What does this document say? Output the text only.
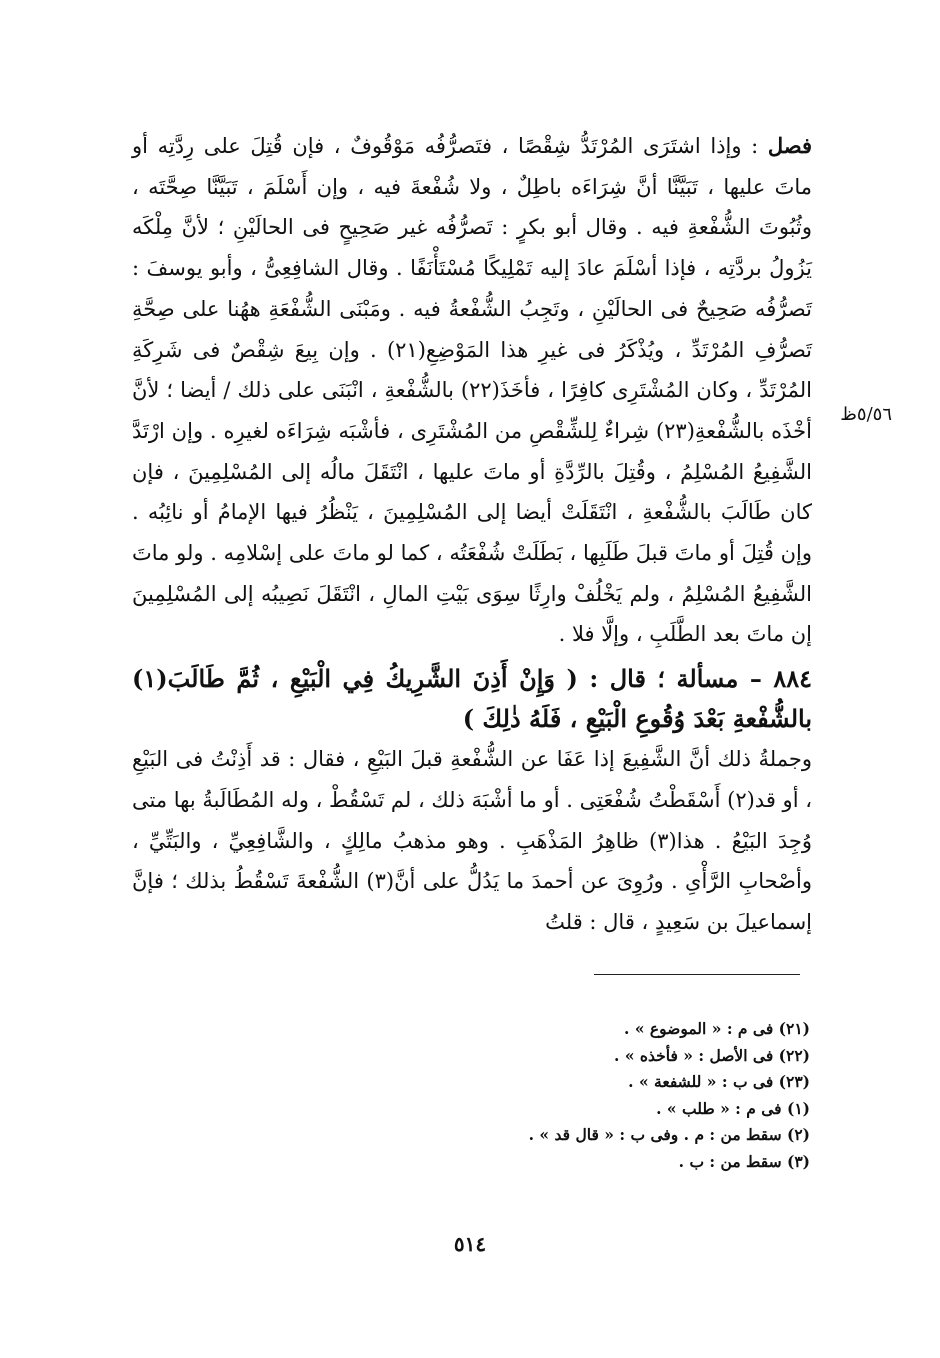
فصل : وإذا اشتَرَى المُرْتَدُّ شِقْصًا ، فتَصرُّفُه مَوْقُوفٌ ، فإن قُتِلَ على رِدَّتِه أو ماتَ عليها ، تَبَيَّنَّا أنَّ شِرَاءَه باطِلٌ ، ولا شُفْعةَ فيه ، وإن أَسْلَمَ ، تَبَيَّنَّا صِحَّتَه ، وثُبُوتَ الشُّفْعةِ فيه . وقال أبو بكرٍ : تَصرُّفُه غير صَحِيحٍ فى الحالَيْنِ ؛ لأنَّ مِلْكَه يَزُولُ بردَّتِه ، فإذا أسْلَمَ عادَ إليه تَمْلِيكًا مُسْتَأْنَفًا . وقال الشافِعِىُّ ، وأبو يوسفَ : تَصرُّفُه صَحِيحٌ فى الحالَيْنِ ، وتَجِبُ الشُّفْعةُ فيه . ومَبْنَى الشُّفْعَةِ ههُنا على صِحَّةِ تَصرُّفِ المُرْتَدِّ ، ويُذْكَرُ فى غيرِ هذا المَوْضِعِ(٢١) . وإن بِيعَ شِقْصٌ فى شَرِكَةِ المُرْتَدِّ ، وكان المُشْتَرِى كافِرًا ، فأخَذَ(٢٢) بالشُّفْعةِ ، انْبَنَى على ذلك / أيضا ؛ لأنَّ أخْذَه بالشُّفْعةِ(٢٣) شِراءٌ لِلشِّقْصِ من المُشْتَرِى ، فأشْبَه شِرَاءَه لغيرِه . وإن ارْتَدَّ الشَّفِيعُ المُسْلِمُ ، وقُتِلَ بالرِّدَّةِ أو ماتَ عليها ، انْتَقَلَ مالُه إلى المُسْلِمِينَ ، فإن كان طَالَبَ بالشُّفْعةِ ، انْتَقَلَتْ أيضا إلى المُسْلِمِينَ ، يَنْظُرُ فيها الإمامُ أو نائِبُه . وإن قُتِلَ أو ماتَ قبلَ طَلَبِها ، بَطَلَتْ شُفْعَتُه ، كما لو ماتَ على إسْلامِه . ولو ماتَ الشَّفِيعُ المُسْلِمُ ، ولم يَخْلُفْ وارِثًا سِوَى بَيْتِ المالِ ، انْتَقَلَ نَصِيبُه إلى المُسْلِمِينَ إن ماتَ بعد الطَّلَبِ ، وإلَّا فلا .

٨٨٤ – مسألة ؛ قال : ( وَإِنْ أَذِنَ الشَّرِيكُ فِي الْبَيْعِ ، ثُمَّ طَالَبَ(١) بالشُّفْعةِ بَعْدَ وُقُوعِ الْبَيْعِ ، فَلَهُ ذٰلِكَ )

وجملةُ ذلك أنَّ الشَّفِيعَ إذا عَفَا عن الشُّفْعةِ قبلَ البَيْعِ ، فقال : قد أَذِنْتُ فى البَيْعِ ، أو قد(٢) أَسْقَطْتُ شُفْعَتِى . أو ما أشْبَهَ ذلك ، لم تَسْقُطْ ، وله المُطَالَبةُ بها متى وُجِدَ البَيْعُ . هذا(٣) ظاهِرُ المَذْهَبِ . وهو مذهبُ مالِكٍ ، والشَّافِعِيِّ ، والبَتِّيِّ ، وأصْحابِ الرَّأْىِ . ورُوِىَ عن أحمدَ ما يَدُلُّ على أنَّ(٣) الشُّفْعةَ تَسْقُطُ بذلك ؛ فإنَّ إسماعيلَ بن سَعِيدٍ ، قال : قلتُ

٥/٥٦ظ
(٢١) فى م : « الموضوع » .
(٢٢) فى الأصل : « فأخذه » .
(٢٣) فى ب : « للشفعة » .
(١) فى م : « طلب » .
(٢) سقط من : م . وفى ب : « قال قد » .
(٣) سقط من : ب .
٥١٤
